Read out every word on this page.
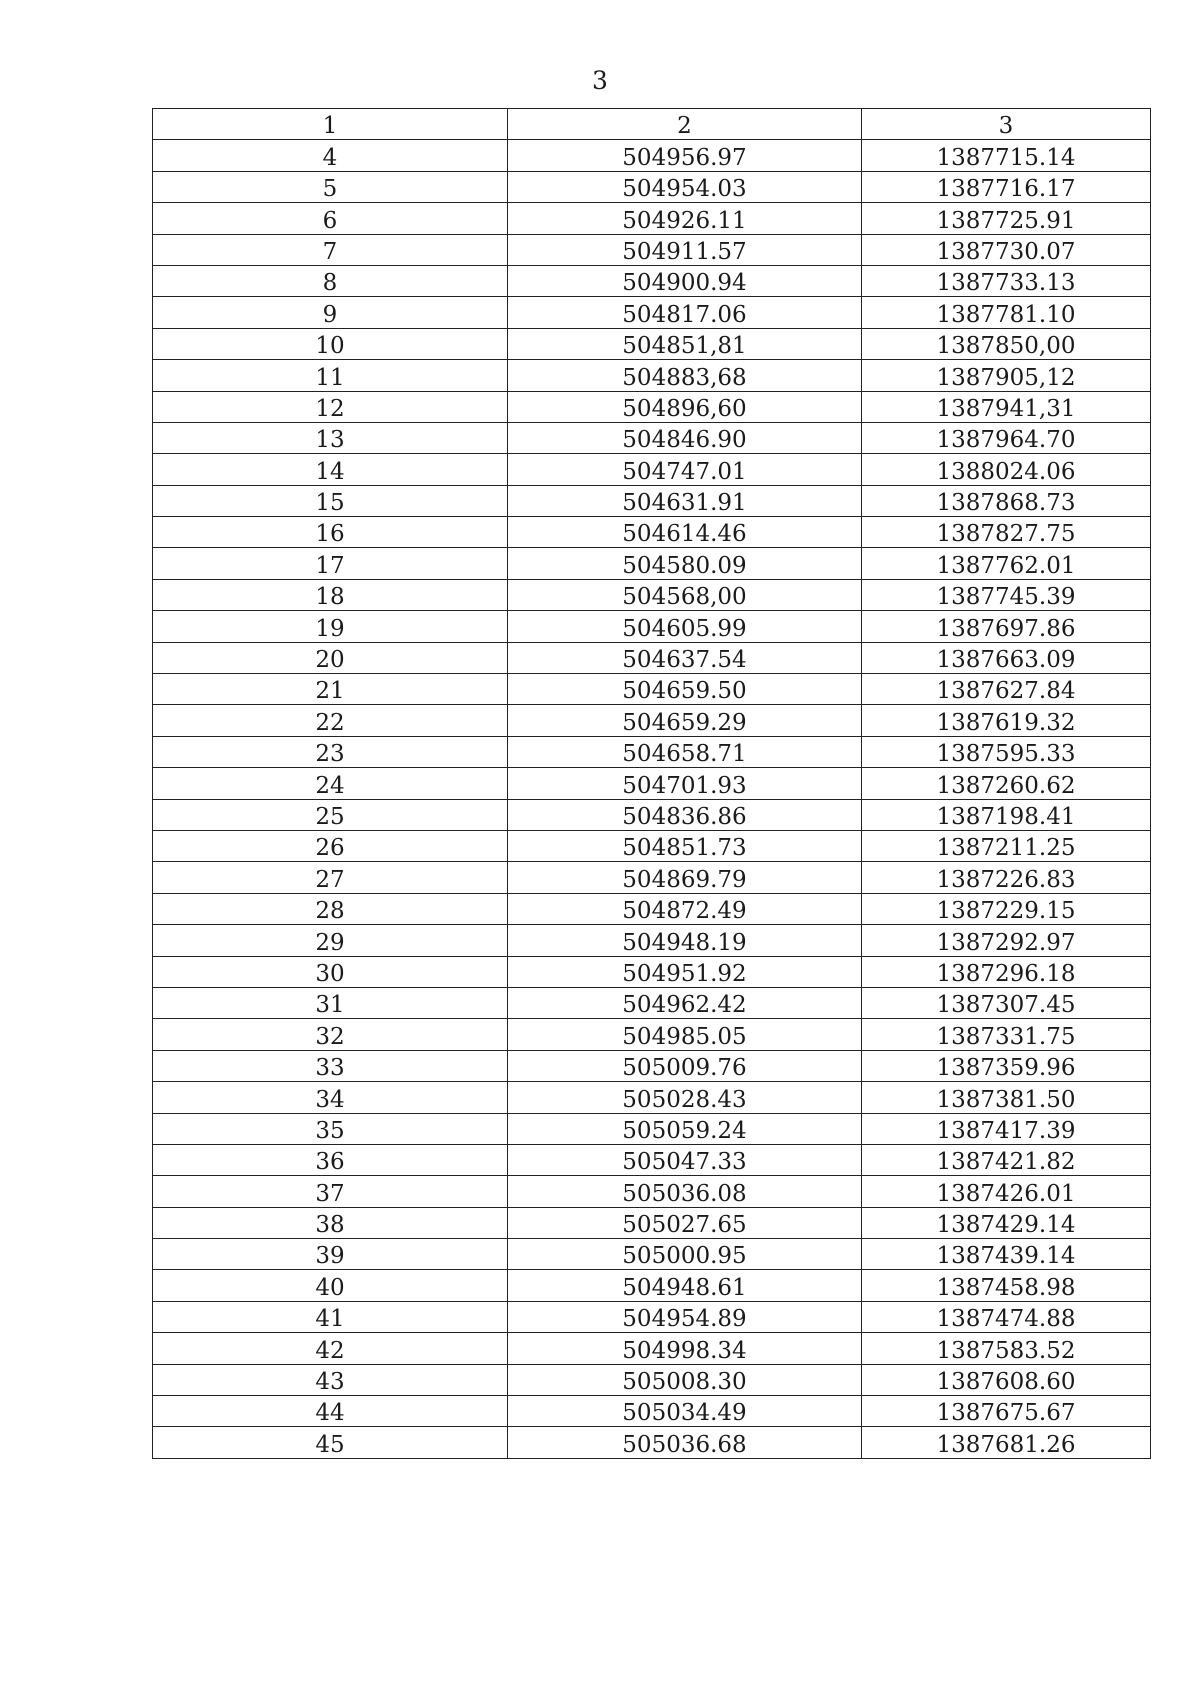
3
1	2	3
4	504956.97	1387715.14
5	504954.03	1387716.17
6	504926.11	1387725.91
7	504911.57	1387730.07
8	504900.94	1387733.13
9	504817.06	1387781.10
10	504851,81	1387850,00
11	504883,68	1387905,12
12	504896,60	1387941,31
13	504846.90	1387964.70
14	504747.01	1388024.06
15	504631.91	1387868.73
16	504614.46	1387827.75
17	504580.09	1387762.01
18	504568,00	1387745.39
19	504605.99	1387697.86
20	504637.54	1387663.09
21	504659.50	1387627.84
22	504659.29	1387619.32
23	504658.71	1387595.33
24	504701.93	1387260.62
25	504836.86	1387198.41
26	504851.73	1387211.25
27	504869.79	1387226.83
28	504872.49	1387229.15
29	504948.19	1387292.97
30	504951.92	1387296.18
31	504962.42	1387307.45
32	504985.05	1387331.75
33	505009.76	1387359.96
34	505028.43	1387381.50
35	505059.24	1387417.39
36	505047.33	1387421.82
37	505036.08	1387426.01
38	505027.65	1387429.14
39	505000.95	1387439.14
40	504948.61	1387458.98
41	504954.89	1387474.88
42	504998.34	1387583.52
43	505008.30	1387608.60
44	505034.49	1387675.67
45	505036.68	1387681.26
